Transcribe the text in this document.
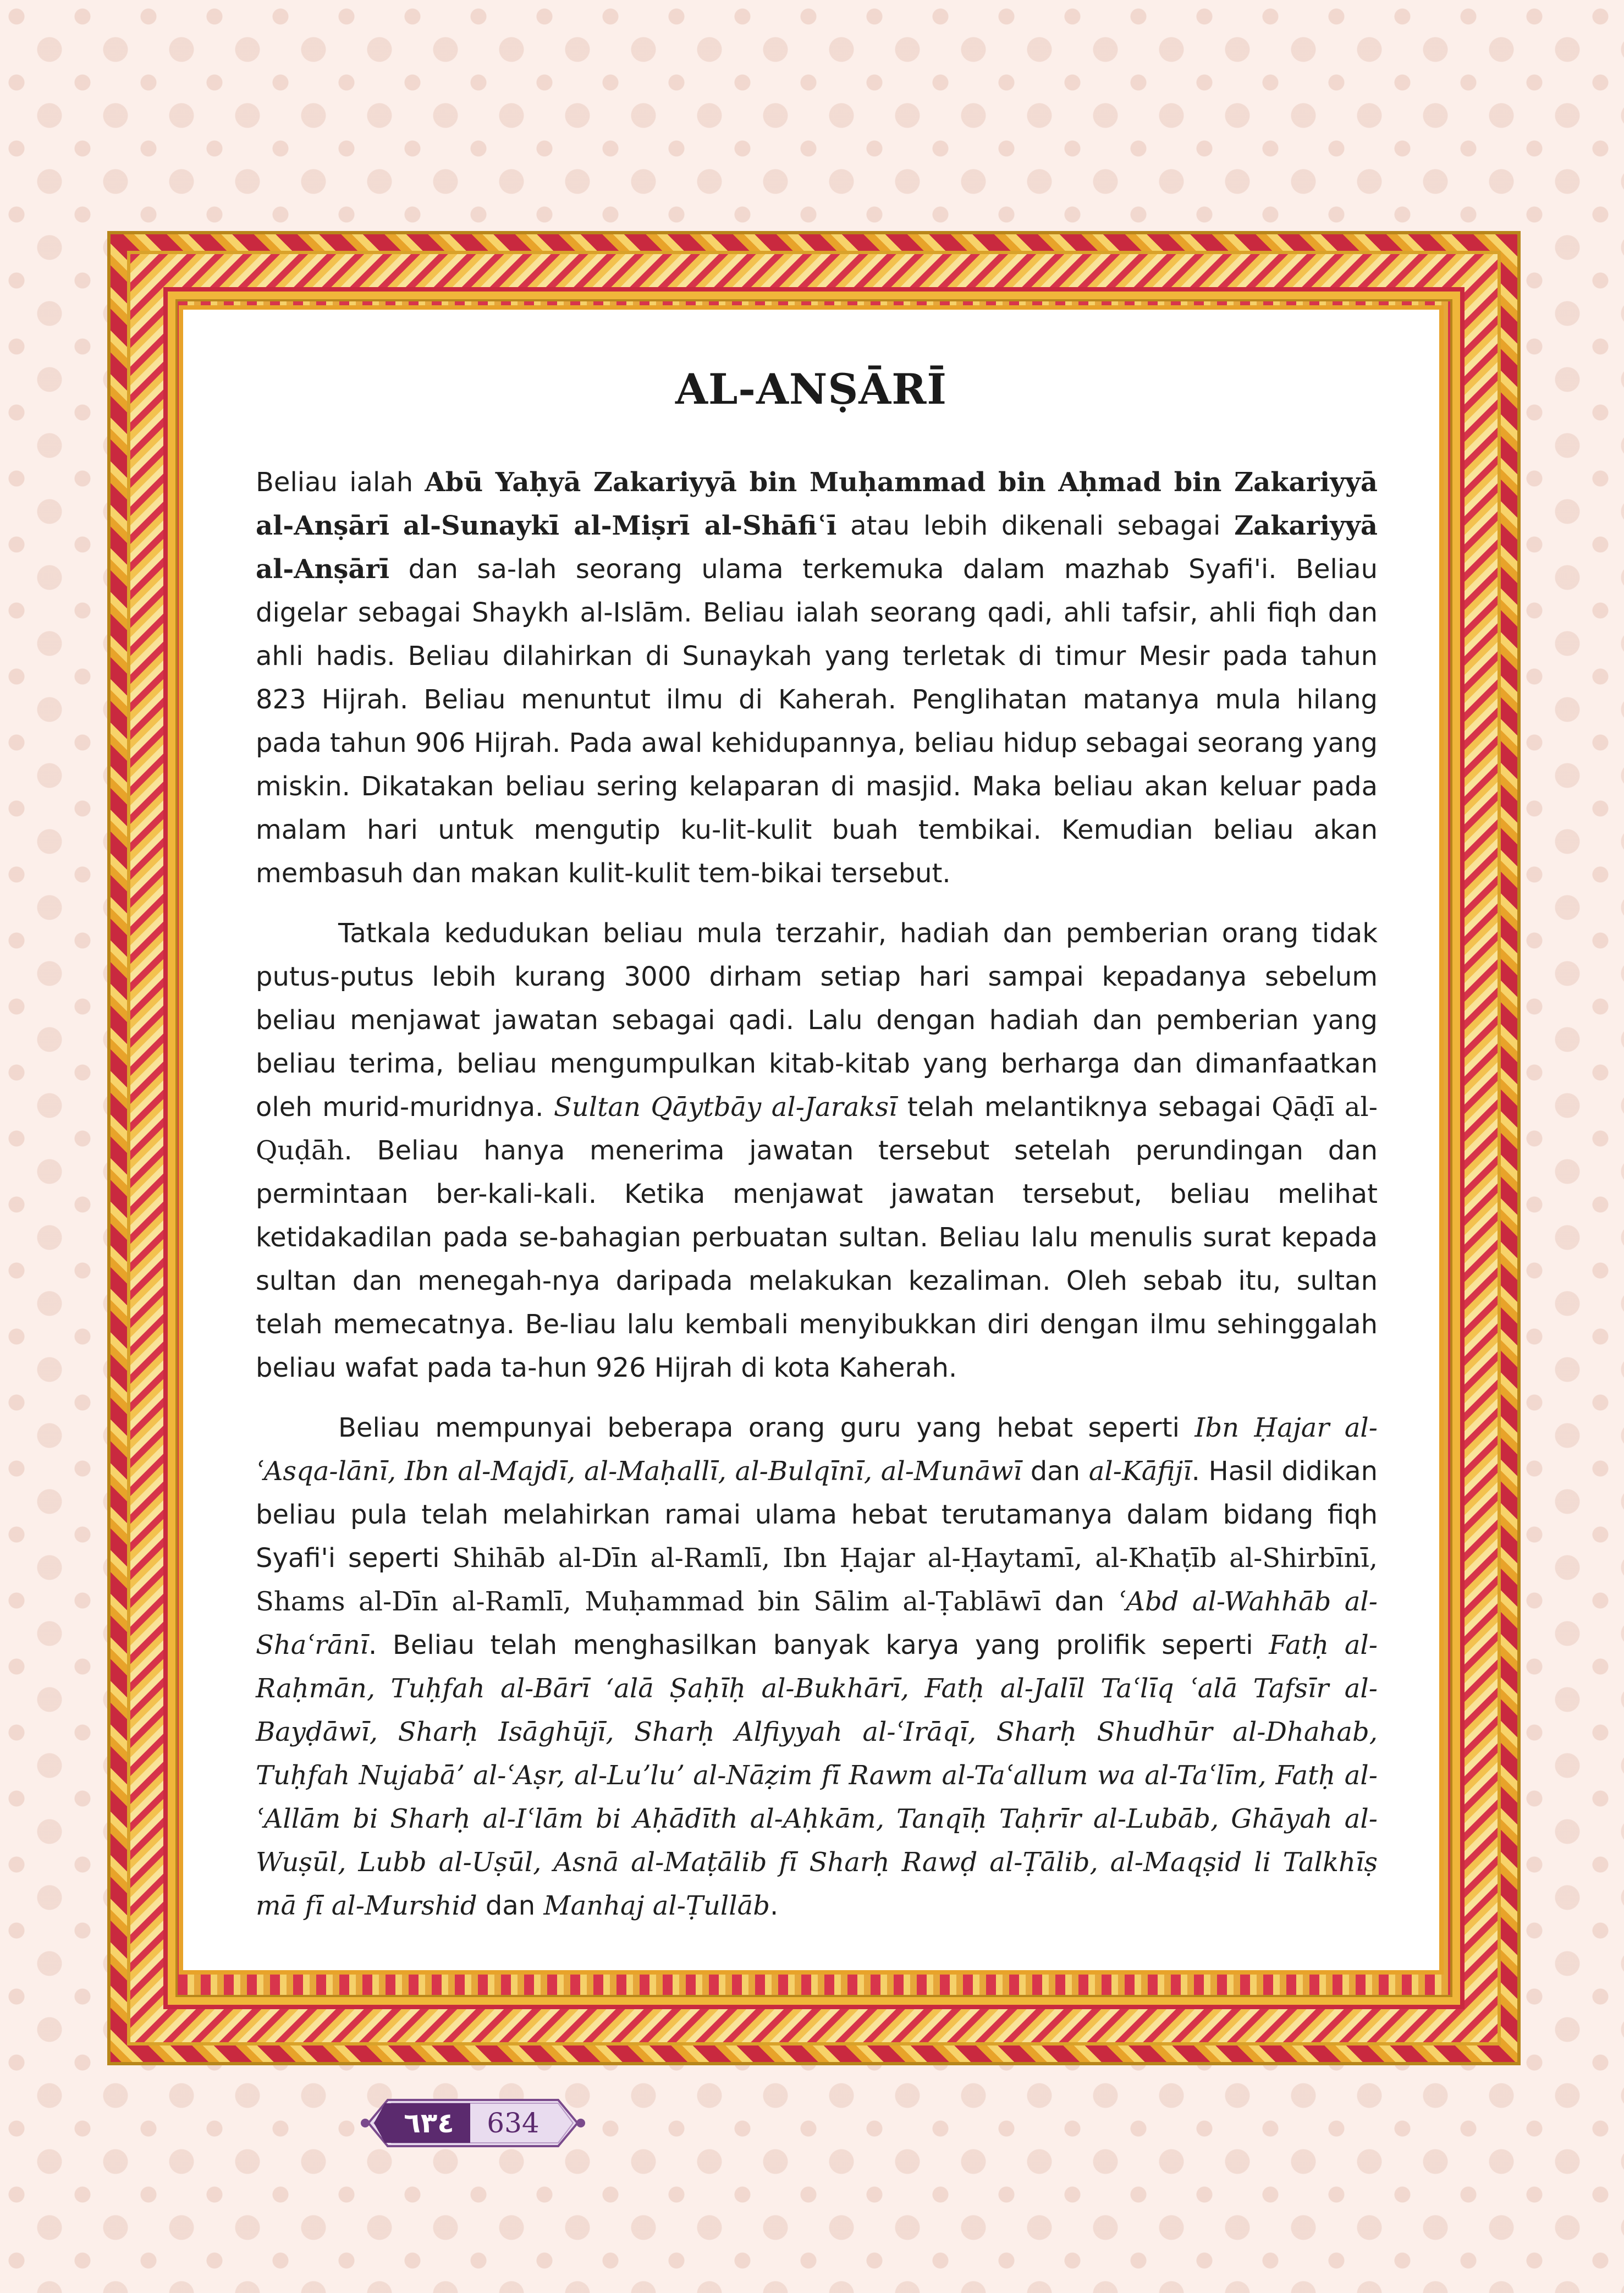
AL-ANṢĀRĪ

Beliau ialah Abū Yaḥyā Zakariyyā bin Muḥammad bin Aḥmad bin Zakariyyā al-Anṣārī al-Sunaykī al-Miṣrī al-Shāfiʿī atau lebih dikenali sebagai Zakariyyā al-Anṣārī dan sa-lah seorang ulama terkemuka dalam mazhab Syafi'i. Beliau digelar sebagai Shaykh al-Islām. Beliau ialah seorang qadi, ahli tafsir, ahli fiqh dan ahli hadis. Beliau dilahirkan di Sunaykah yang terletak di timur Mesir pada tahun 823 Hijrah. Beliau menuntut ilmu di Kaherah. Penglihatan matanya mula hilang pada tahun 906 Hijrah. Pada awal kehidupannya, beliau hidup sebagai seorang yang miskin. Dikatakan beliau sering kelaparan di masjid. Maka beliau akan keluar pada malam hari untuk mengutip ku-lit-kulit buah tembikai. Kemudian beliau akan membasuh dan makan kulit-kulit tem-bikai tersebut.

Tatkala kedudukan beliau mula terzahir, hadiah dan pemberian orang tidak putus-putus lebih kurang 3000 dirham setiap hari sampai kepadanya sebelum beliau menjawat jawatan sebagai qadi. Lalu dengan hadiah dan pemberian yang beliau terima, beliau mengumpulkan kitab-kitab yang berharga dan dimanfaatkan oleh murid-muridnya. Sultan Qāytbāy al-Jaraksī telah melantiknya sebagai Qāḍī al-Quḍāh. Beliau hanya menerima jawatan tersebut setelah perundingan dan permintaan ber-kali-kali. Ketika menjawat jawatan tersebut, beliau melihat ketidakadilan pada se-bahagian perbuatan sultan. Beliau lalu menulis surat kepada sultan dan menegah-nya daripada melakukan kezaliman. Oleh sebab itu, sultan telah memecatnya. Be-liau lalu kembali menyibukkan diri dengan ilmu sehinggalah beliau wafat pada ta-hun 926 Hijrah di kota Kaherah.

Beliau mempunyai beberapa orang guru yang hebat seperti Ibn Ḥajar al-ʿAsqa-lānī, Ibn al-Majdī, al-Maḥallī, al-Bulqīnī, al-Munāwī dan al-Kāfijī. Hasil didikan beliau pula telah melahirkan ramai ulama hebat terutamanya dalam bidang fiqh Syafi'i seperti Shihāb al-Dīn al-Ramlī, Ibn Ḥajar al-Ḥaytamī, al-Khaṭīb al-Shirbīnī, Shams al-Dīn al-Ramlī, Muḥammad bin Sālim al-Ṭablāwī dan ʿAbd al-Wahhāb al-Shaʿrānī. Beliau telah menghasilkan banyak karya yang prolifik seperti Fatḥ al-Raḥmān, Tuḥfah al-Bārī ʻalā Ṣaḥīḥ al-Bukhārī, Fatḥ al-Jalīl Taʿlīq ʿalā Tafsīr al-Bayḍāwī, Sharḥ Isāghūjī, Sharḥ Alfiyyah al-ʿIrāqī, Sharḥ Shudhūr al-Dhahab, Tuḥfah Nujabāʼ al-ʿAṣr, al-Luʼluʼ al-Nāẓim fī Rawm al-Taʿallum wa al-Taʿlīm, Fatḥ al-ʿAllām bi Sharḥ al-Iʿlām bi Aḥādīth al-Aḥkām, Tanqīḥ Taḥrīr al-Lubāb, Ghāyah al-Wuṣūl, Lubb al-Uṣūl, Asnā al-Maṭālib fī Sharḥ Rawḍ al-Ṭālib, al-Maqṣid li Talkhīṣ mā fī al-Murshid dan Manhaj al-Ṭullāb.

٦٣٤	634
